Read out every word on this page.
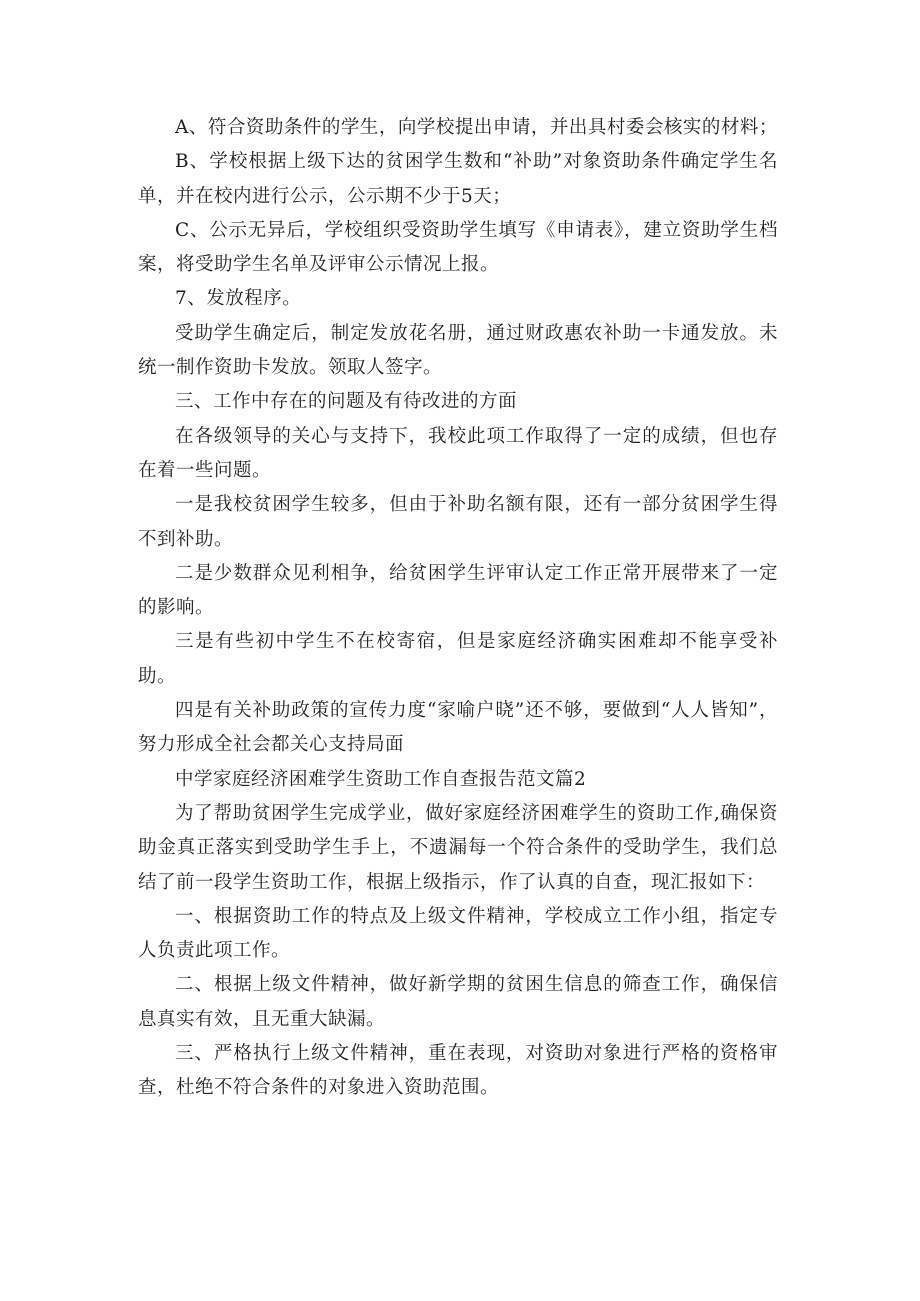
A、符合资助条件的学生，向学校提出申请，并出具村委会核实的材料；

B、学校根据上级下达的贫困学生数和“补助”对象资助条件确定学生名单，并在校内进行公示，公示期不少于5天；

C、公示无异后，学校组织受资助学生填写《申请表》，建立资助学生档案，将受助学生名单及评审公示情况上报。

7、发放程序。

受助学生确定后，制定发放花名册，通过财政惠农补助一卡通发放。未统一制作资助卡发放。领取人签字。

三、工作中存在的问题及有待改进的方面

在各级领导的关心与支持下，我校此项工作取得了一定的成绩，但也存在着一些问题。

一是我校贫困学生较多，但由于补助名额有限，还有一部分贫困学生得不到补助。

二是少数群众见利相争，给贫困学生评审认定工作正常开展带来了一定的影响。

三是有些初中学生不在校寄宿，但是家庭经济确实困难却不能享受补助。

四是有关补助政策的宣传力度“家喻户晓”还不够，要做到“人人皆知”，努力形成全社会都关心支持局面

中学家庭经济困难学生资助工作自查报告范文篇2

为了帮助贫困学生完成学业，做好家庭经济困难学生的资助工作,确保资助金真正落实到受助学生手上，不遗漏每一个符合条件的受助学生，我们总结了前一段学生资助工作，根据上级指示，作了认真的自查，现汇报如下：

一、根据资助工作的特点及上级文件精神，学校成立工作小组，指定专人负责此项工作。

二、根据上级文件精神，做好新学期的贫困生信息的筛查工作，确保信息真实有效，且无重大缺漏。

三、严格执行上级文件精神，重在表现，对资助对象进行严格的资格审查，杜绝不符合条件的对象进入资助范围。
